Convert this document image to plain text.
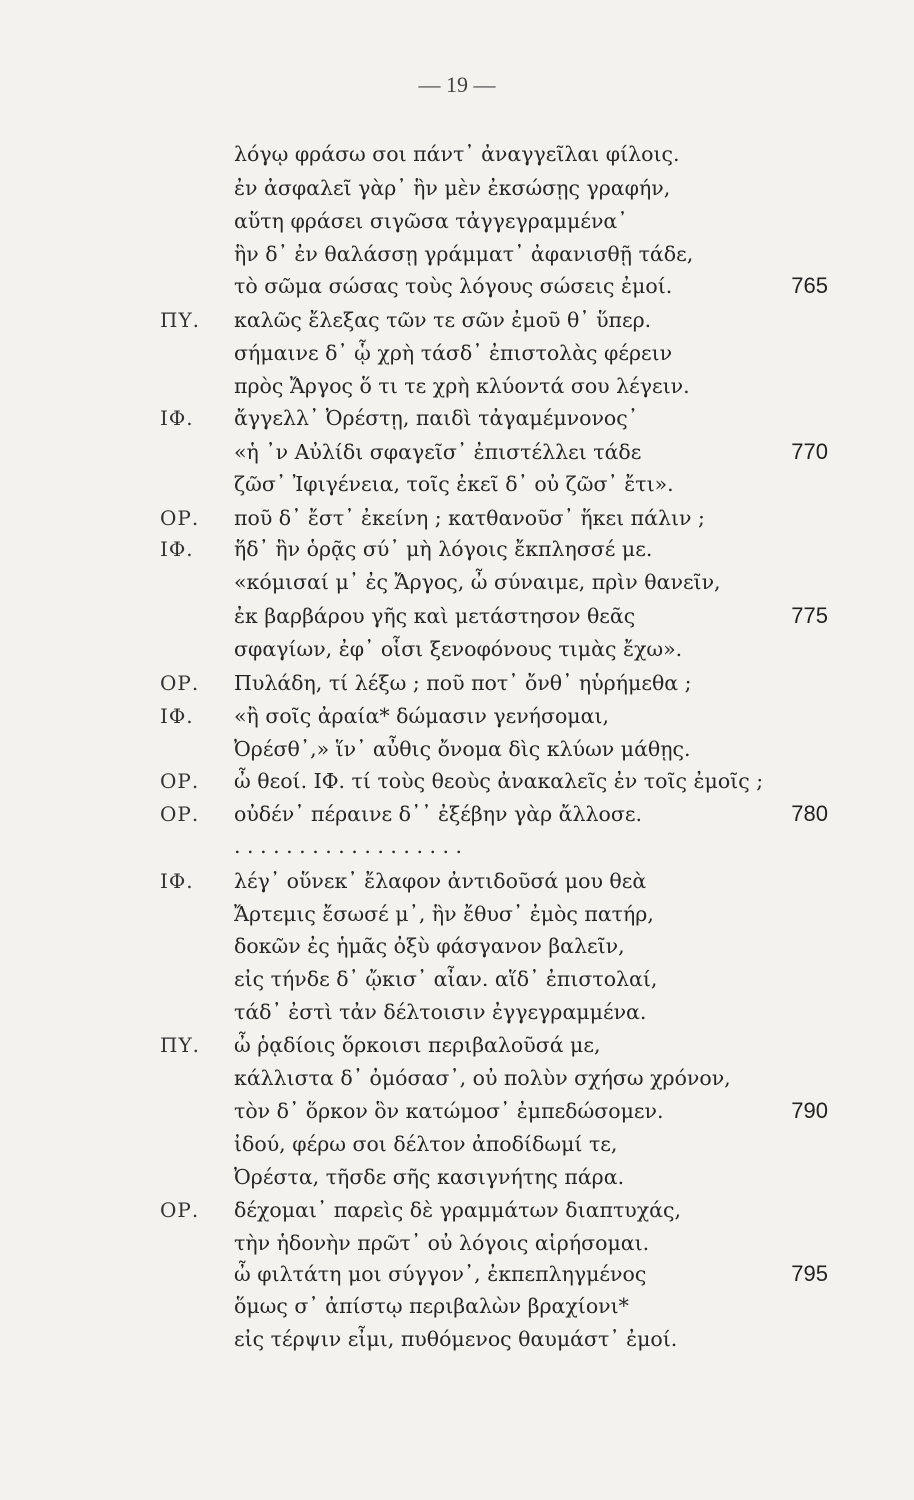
— 19 —
λόγῳ φράσω σοι πάντ᾽ ἀναγγεῖλαι φίλοις.
ἐν ἀσφαλεῖ γὰρ᾽ ἣν μὲν ἐκσώσῃς γραφήν,
αὕτη φράσει σιγῶσα τἀγγεγραμμένα᾽
ἣν δ᾽ ἐν θαλάσσῃ γράμματ᾽ ἀφανισθῇ τάδε,
τὸ σῶμα σώσας τοὺς λόγους σώσεις ἐμοί.	765
ΠΥ. καλῶς ἔλεξας τῶν τε σῶν ἐμοῦ θ᾽ ὕπερ.
σήμαινε δ᾽ ᾧ χρὴ τάσδ᾽ ἐπιστολὰς φέρειν
πρὸς Ἄργος ὅ τι τε χρὴ κλύοντά σου λέγειν.
ΙΦ. ἄγγελλ᾽ Ὀρέστῃ, παιδὶ τἀγαμέμνονος᾽
«ἡ ᾽ν Αὐλίδι σφαγεῖσ᾽ ἐπιστέλλει τάδε	770
ζῶσ᾽ Ἰφιγένεια, τοῖς ἐκεῖ δ᾽ οὐ ζῶσ᾽ ἔτι».
ΟΡ. ποῦ δ᾽ ἔστ᾽ ἐκείνη ; κατθανοῦσ᾽ ἥκει πάλιν ;
ΙΦ. ἥδ᾽ ἣν ὁρᾷς σύ᾽ μὴ λόγοις ἔκπλησσέ με.
«κόμισαί μ᾽ ἐς Ἄργος, ὦ σύναιμε, πρὶν θανεῖν,
ἐκ βαρβάρου γῆς καὶ μετάστησον θεᾶς	775
σφαγίων, ἐφ᾽ οἷσι ξενοφόνους τιμὰς ἔχω».
ΟΡ. Πυλάδη, τί λέξω ; ποῦ ποτ᾽ ὄνθ᾽ ηὑρήμεθα ;
ΙΦ. «ἢ σοῖς ἀραία* δώμασιν γενήσομαι,
Ὀρέσθ᾽,» ἵν᾽ αὖθις ὄνομα δὶς κλύων μάθῃς.
ΟΡ. ὦ θεοί. ΙΦ. τί τοὺς θεοὺς ἀνακαλεῖς ἐν τοῖς ἐμοῖς ;
ΟΡ. οὐδέν᾽ πέραινε δ᾽᾽ ἐξέβην γὰρ ἄλλοσε.	780
. . . . . . . . . . . . . . . . . .
ΙΦ. λέγ᾽ οὕνεκ᾽ ἔλαφον ἀντιδοῦσά μου θεὰ
Ἄρτεμις ἔσωσέ μ᾽, ἣν ἔθυσ᾽ ἐμὸς πατήρ,
δοκῶν ἐς ἡμᾶς ὀξὺ φάσγανον βαλεῖν,
εἰς τήνδε δ᾽ ᾤκισ᾽ αἶαν. αἵδ᾽ ἐπιστολαί,
τάδ᾽ ἐστὶ τἀν δέλτοισιν ἐγγεγραμμένα.
ΠΥ. ὦ ῥᾳδίοις ὅρκοισι περιβαλοῦσά με,
κάλλιστα δ᾽ ὀμόσασ᾽, οὐ πολὺν σχήσω χρόνον,
τὸν δ᾽ ὅρκον ὃν κατώμοσ᾽ ἐμπεδώσομεν.	790
ἰδού, φέρω σοι δέλτον ἀποδίδωμί τε,
Ὀρέστα, τῆσδε σῆς κασιγνήτης πάρα.
ΟΡ. δέχομαι᾽ παρεὶς δὲ γραμμάτων διαπτυχάς,
τὴν ἡδονὴν πρῶτ᾽ οὐ λόγοις αἱρήσομαι.
ὦ φιλτάτη μοι σύγγον᾽, ἐκπεπληγμένος	795
ὅμως σ᾽ ἀπίστῳ περιβαλὼν βραχίονι*
εἰς τέρψιν εἶμι, πυθόμενος θαυμάστ᾽ ἐμοί.
